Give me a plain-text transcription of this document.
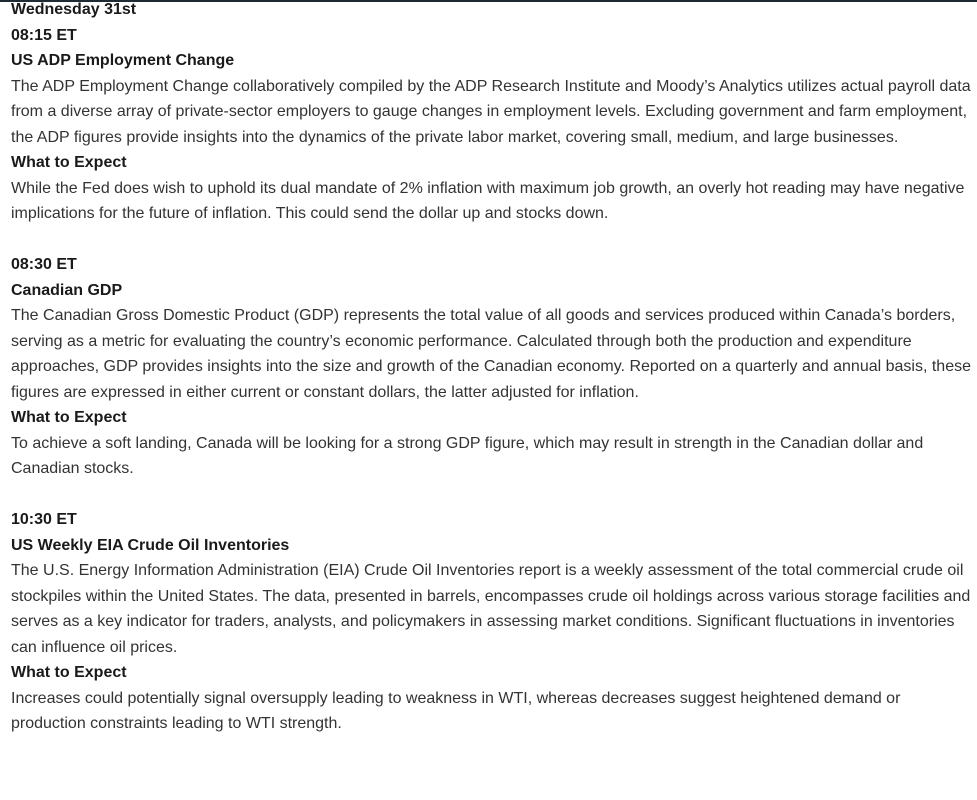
Wednesday 31st

08:15 ET

US ADP Employment Change

The ADP Employment Change collaboratively compiled by the ADP Research Institute and Moody’s Analytics utilizes actual payroll data from a diverse array of private-sector employers to gauge changes in employment levels. Excluding government and farm employment, the ADP figures provide insights into the dynamics of the private labor market, covering small, medium, and large businesses.

What to Expect

While the Fed does wish to uphold its dual mandate of 2% inflation with maximum job growth, an overly hot reading may have negative implications for the future of inflation. This could send the dollar up and stocks down.

08:30 ET

Canadian GDP

The Canadian Gross Domestic Product (GDP) represents the total value of all goods and services produced within Canada’s borders, serving as a metric for evaluating the country’s economic performance. Calculated through both the production and expenditure approaches, GDP provides insights into the size and growth of the Canadian economy. Reported on a quarterly and annual basis, these figures are expressed in either current or constant dollars, the latter adjusted for inflation.

What to Expect

To achieve a soft landing, Canada will be looking for a strong GDP figure, which may result in strength in the Canadian dollar and Canadian stocks.

10:30 ET

US Weekly EIA Crude Oil Inventories

The U.S. Energy Information Administration (EIA) Crude Oil Inventories report is a weekly assessment of the total commercial crude oil stockpiles within the United States. The data, presented in barrels, encompasses crude oil holdings across various storage facilities and serves as a key indicator for traders, analysts, and policymakers in assessing market conditions. Significant fluctuations in inventories can influence oil prices.

What to Expect

Increases could potentially signal oversupply leading to weakness in WTI, whereas decreases suggest heightened demand or production constraints leading to WTI strength.
